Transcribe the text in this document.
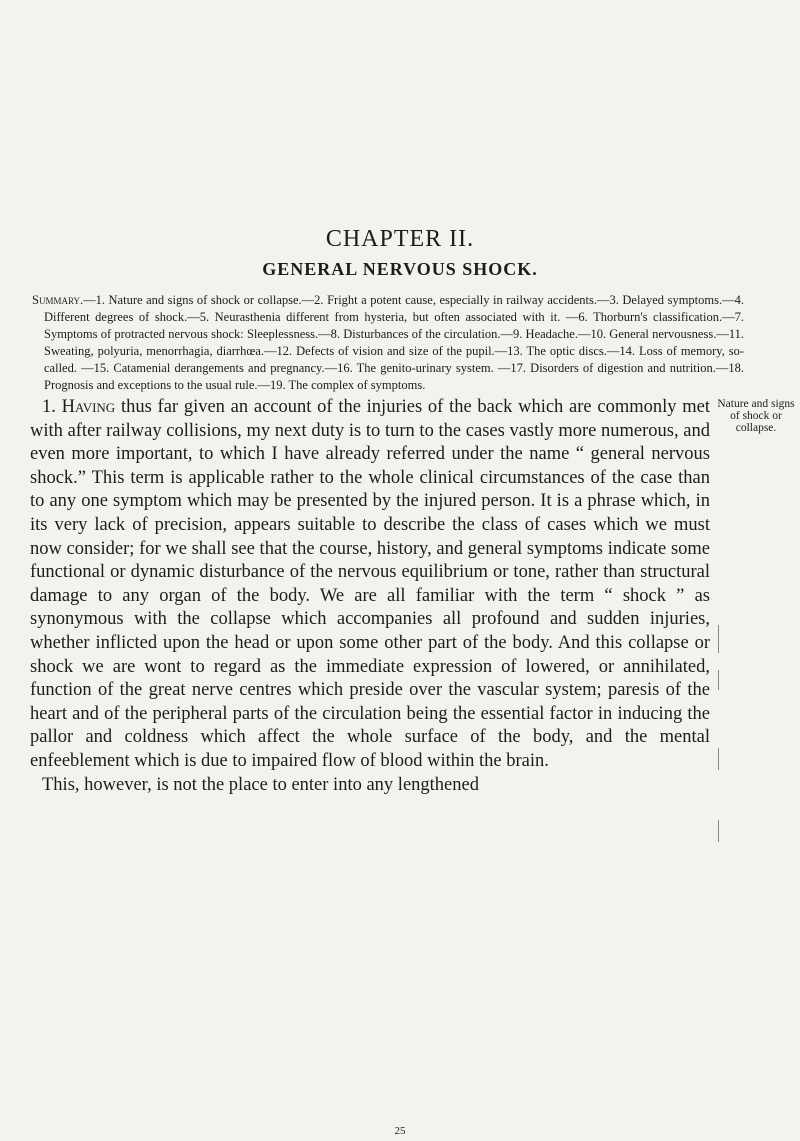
CHAPTER II.
GENERAL NERVOUS SHOCK.
Summary.—1. Nature and signs of shock or collapse.—2. Fright a potent cause, especially in railway accidents.—3. Delayed symptoms.—4. Different degrees of shock.—5. Neurasthenia different from hysteria, but often associated with it. —6. Thorburn's classification.—7. Symptoms of protracted nervous shock: Sleeplessness.—8. Disturbances of the circulation.—9. Headache.—10. General nervousness.—11. Sweating, polyuria, menorrhagia, diarrhœa.—12. Defects of vision and size of the pupil.—13. The optic discs.—14. Loss of memory, so-called. —15. Catamenial derangements and pregnancy.—16. The genito-urinary system. —17. Disorders of digestion and nutrition.—18. Prognosis and exceptions to the usual rule.—19. The complex of symptoms.
Nature and signs of shock or collapse.

1. Having thus far given an account of the injuries of the back which are commonly met with after railway collisions, my next duty is to turn to the cases vastly more numerous, and even more important, to which I have already referred under the name “ general nervous shock.” This term is applicable rather to the whole clinical circumstances of the case than to any one symptom which may be presented by the injured person. It is a phrase which, in its very lack of precision, appears suitable to describe the class of cases which we must now consider; for we shall see that the course, history, and general symptoms indicate some functional or dynamic disturbance of the nervous equilibrium or tone, rather than structural damage to any organ of the body. We are all familiar with the term “ shock ” as synonymous with the collapse which accompanies all profound and sudden injuries, whether inflicted upon the head or upon some other part of the body. And this collapse or shock we are wont to regard as the immediate expression of lowered, or annihilated, function of the great nerve centres which preside over the vascular system; paresis of the heart and of the peripheral parts of the circulation being the essential factor in inducing the pallor and coldness which affect the whole surface of the body, and the mental enfeeblement which is due to impaired flow of blood within the brain.

This, however, is not the place to enter into any lengthened

25
